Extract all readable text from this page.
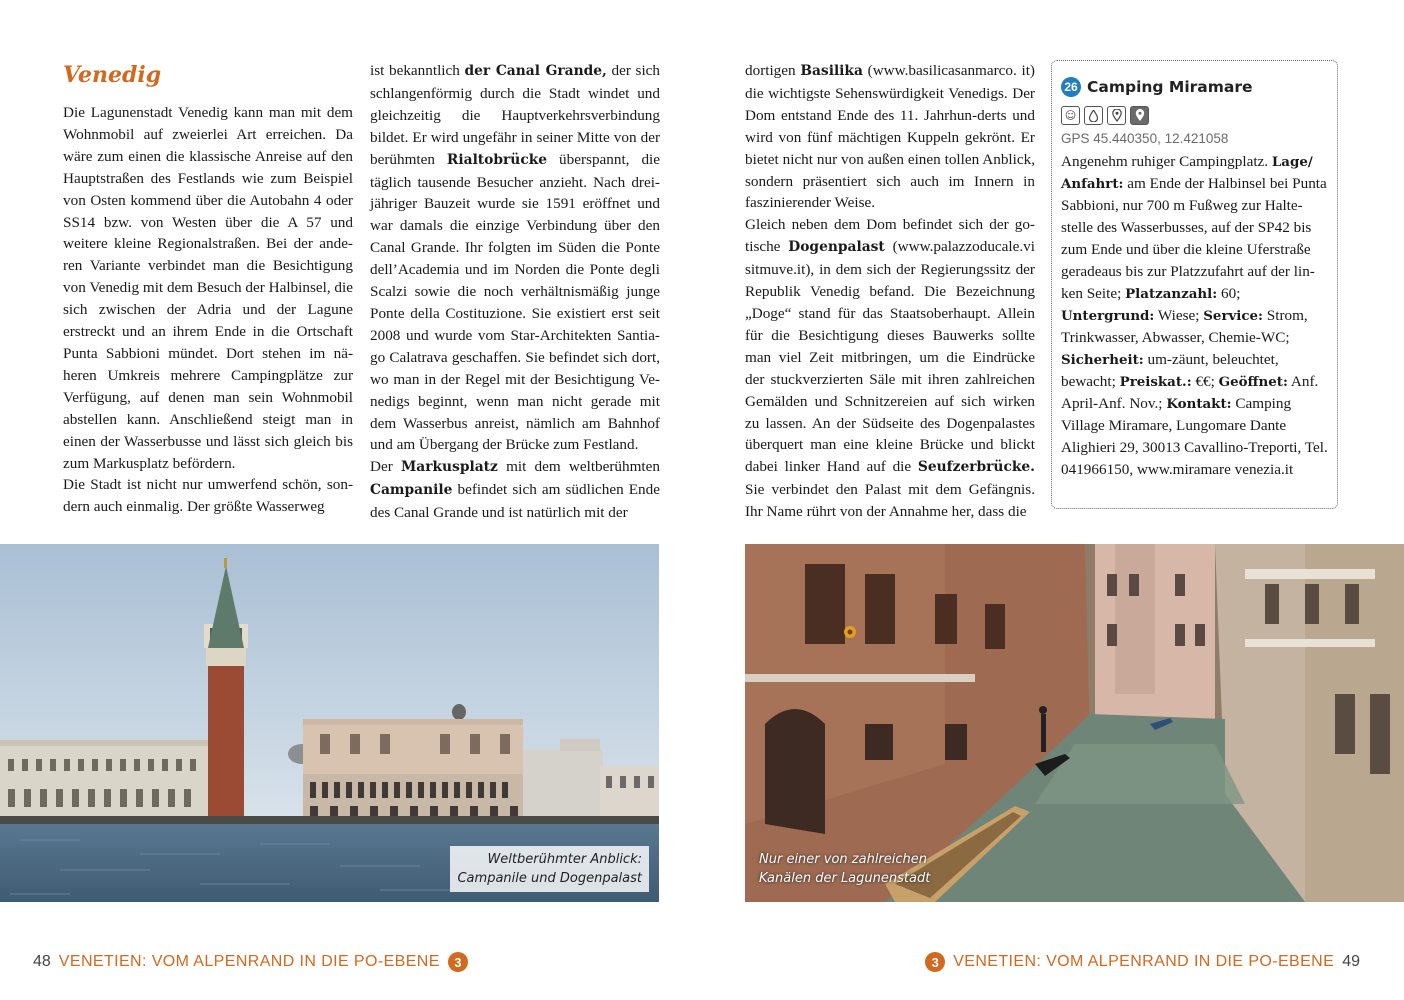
Venedig

Die Lagunenstadt Venedig kann man mit dem Wohnmobil auf zweierlei Art erreichen. Da wäre zum einen die klassische Anreise auf den Hauptstraßen des Festlands wie zum Beispiel von Osten kommend über die Autobahn 4 oder SS14 bzw. von Westen über die A 57 und weitere kleine Regionalstraßen. Bei der ande-ren Variante verbindet man die Besichtigung von Venedig mit dem Besuch der Halbinsel, die sich zwischen der Adria und der Lagune erstreckt und an ihrem Ende in die Ortschaft Punta Sabbioni mündet. Dort stehen im nä-heren Umkreis mehrere Campingplätze zur Verfügung, auf denen man sein Wohnmobil abstellen kann. Anschließend steigt man in einen der Wasserbusse und lässt sich gleich bis zum Markusplatz befördern.

Die Stadt ist nicht nur umwerfend schön, son-dern auch einmalig. Der größte Wasserweg

ist bekanntlich der Canal Grande, der sich schlangenförmig durch die Stadt windet und gleichzeitig die Hauptverkehrsverbindung bildet. Er wird ungefähr in seiner Mitte von der berühmten Rialtobrücke überspannt, die täglich tausende Besucher anzieht. Nach drei-jähriger Bauzeit wurde sie 1591 eröffnet und war damals die einzige Verbindung über den Canal Grande. Ihr folgten im Süden die Ponte dell’Academia und im Norden die Ponte degli Scalzi sowie die noch verhältnismäßig junge Ponte della Costituzione. Sie existiert erst seit 2008 und wurde vom Star-Architekten Santia-go Calatrava geschaffen. Sie befindet sich dort, wo man in der Regel mit der Besichtigung Ve-nedigs beginnt, wenn man nicht gerade mit dem Wasserbus anreist, nämlich am Bahnhof und am Übergang der Brücke zum Festland.

Der Markusplatz mit dem weltberühmten Campanile befindet sich am südlichen Ende des Canal Grande und ist natürlich mit der

dortigen Basilika (www.basilicasanmarco. it) die wichtigste Sehenswürdigkeit Venedigs. Der Dom entstand Ende des 11. Jahrhun-derts und wird von fünf mächtigen Kuppeln gekrönt. Er bietet nicht nur von außen einen tollen Anblick, sondern präsentiert sich auch im Innern in faszinierender Weise.

Gleich neben dem Dom befindet sich der go-tische Dogenpalast (www.palazzoducale.vi sitmuve.it), in dem sich der Regierungssitz der Republik Venedig befand. Die Bezeichnung „Doge“ stand für das Staatsoberhaupt. Allein für die Besichtigung dieses Bauwerks sollte man viel Zeit mitbringen, um die Eindrücke der stuckverzierten Säle mit ihren zahlreichen Gemälden und Schnitzereien auf sich wirken zu lassen. An der Südseite des Dogenpalastes überquert man eine kleine Brücke und blickt dabei linker Hand auf die Seufzerbrücke. Sie verbindet den Palast mit dem Gefängnis. Ihr Name rührt von der Annahme her, dass die

26 Camping Miramare
☺
GPS 45.440350, 12.421058
Angenehm ruhiger Campingplatz. Lage/ Anfahrt: am Ende der Halbinsel bei Punta Sabbioni, nur 700 m Fußweg zur Halte-stelle des Wasserbusses, auf der SP42 bis zum Ende und über die kleine Uferstraße geradeaus bis zur Platzzufahrt auf der lin-ken Seite; Platzanzahl: 60; Untergrund: Wiese; Service: Strom, Trinkwasser, Abwasser, Chemie-WC; Sicherheit: um-zäunt, beleuchtet, bewacht; Preiskat.: €€; Geöffnet: Anf. April-Anf. Nov.; Kontakt: Camping Village Miramare, Lungomare Dante Alighieri 29, 30013 Cavallino-Treporti, Tel. 041966150, www.miramare venezia.it
Weltberühmter Anblick:
Campanile und Dogenpalast
Nur einer von zahlreichen
Kanälen der Lagunenstadt
48 VENETIEN: VOM ALPENRAND IN DIE PO-EBENE	3	3 VENETIEN: VOM ALPENRAND IN DIE PO-EBENE 49
